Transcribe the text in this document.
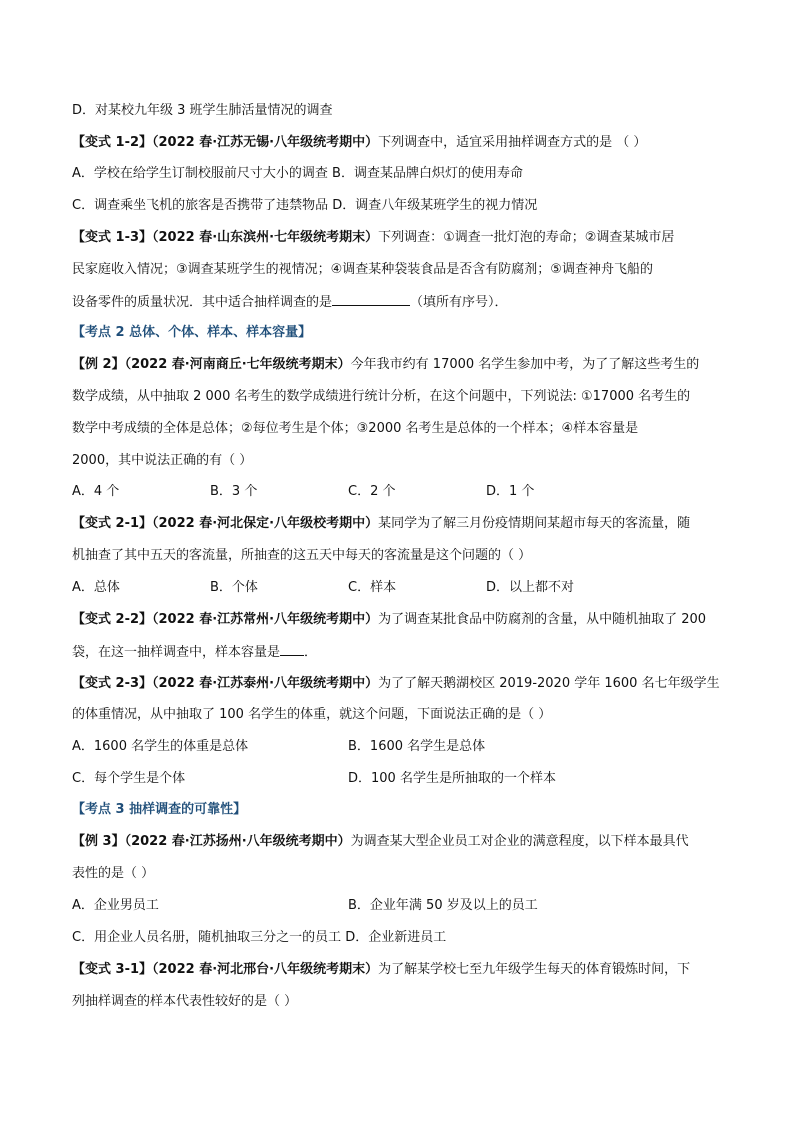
D．对某校九年级 3 班学生肺活量情况的调查
【变式 1-2】（2022 春·江苏无锡·八年级统考期中）下列调查中，适宜采用抽样调查方式的是 （ ）
A．学校在给学生订制校服前尺寸大小的调查 B．调查某品牌白炽灯的使用寿命
C．调查乘坐飞机的旅客是否携带了违禁物品 D．调查八年级某班学生的视力情况
【变式 1-3】（2022 春·山东滨州·七年级统考期末）下列调查：①调查一批灯泡的寿命；②调查某城市居
民家庭收入情况；③调查某班学生的视情况；④调查某种袋装食品是否含有防腐剂；⑤调查神舟飞船的
设备零件的质量状况．其中适合抽样调查的是	（填所有序号）．
【考点 2 总体、个体、样本、样本容量】
【例 2】（2022 春·河南商丘·七年级统考期末）今年我市约有 17000 名学生参加中考，为了了解这些考生的
数学成绩，从中抽取 2 000 名考生的数学成绩进行统计分析，在这个问题中，下列说法: ①17000 名考生的
数学中考成绩的全体是总体；②每位考生是个体；③2000 名考生是总体的一个样本；④样本容量是
2000，其中说法正确的有（ ）
A．4 个	B．3 个	C．2 个	D．1 个
【变式 2-1】（2022 春·河北保定·八年级校考期中）某同学为了解三月份疫情期间某超市每天的客流量，随
机抽查了其中五天的客流量，所抽查的这五天中每天的客流量是这个问题的（ ）
A．总体	B．个体	C．样本	D．以上都不对
【变式 2-2】（2022 春·江苏常州·八年级统考期中）为了调查某批食品中防腐剂的含量，从中随机抽取了 200
袋，在这一抽样调查中，样本容量是 ．
【变式 2-3】（2022 春·江苏泰州·八年级统考期中）为了了解天鹅湖校区 2019-2020 学年 1600 名七年级学生
的体重情况，从中抽取了 100 名学生的体重，就这个问题，下面说法正确的是（ ）
A．1600 名学生的体重是总体	B．1600 名学生是总体
C．每个学生是个体	D．100 名学生是所抽取的一个样本
【考点 3 抽样调查的可靠性】
【例 3】（2022 春·江苏扬州·八年级统考期中）为调查某大型企业员工对企业的满意程度，以下样本最具代
表性的是（ ）
A．企业男员工	B．企业年满 50 岁及以上的员工
C．用企业人员名册，随机抽取三分之一的员工 D．企业新进员工
【变式 3-1】（2022 春·河北邢台·八年级统考期末）为了解某学校七至九年级学生每天的体育锻炼时间，下
列抽样调查的样本代表性较好的是（ ）
